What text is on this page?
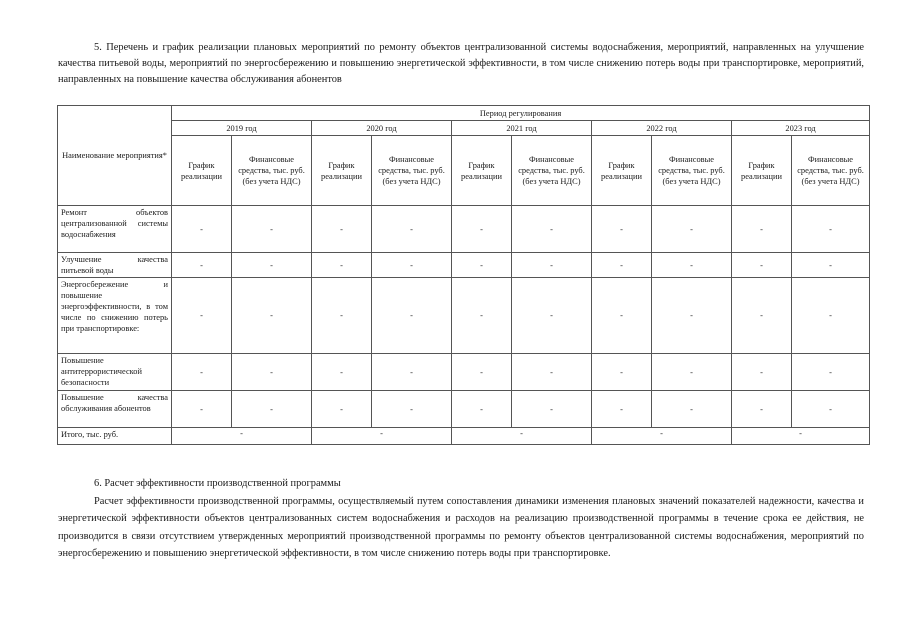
5. Перечень и график реализации плановых мероприятий по ремонту объектов централизованной системы водоснабжения, мероприятий, направленных на улучшение качества питьевой воды, мероприятий по энергосбережению и повышению энергетической эффективности, в том числе снижению потерь воды при транспортировке, мероприятий, направленных на повышение качества обслуживания абонентов
Наименование мероприятия*	Период регулирования									
	2019 год		2020 год		2021 год		2022 год		2023 год	
	График реализации	Финансовые средства, тыс. руб. (без учета НДС)	График реализации	Финансовые средства, тыс. руб. (без учета НДС)	График реализации	Финансовые средства, тыс. руб. (без учета НДС)	График реализации	Финансовые средства, тыс. руб. (без учета НДС)	График реализации	Финансовые средства, тыс. руб. (без учета НДС)
Ремонт объектов централизованной системы водоснабжения	-	-	-	-	-	-	-	-	-	-
Улучшение качества питьевой воды	-	-	-	-	-	-	-	-	-	-
Энергосбережение и повышение энергоэффективности, в том числе по снижению потерь при транспортировке:	-	-	-	-	-	-	-	-	-	-
Повышение антитеррористической безопасности	-	-	-	-	-	-	-	-	-	-
Повышение качества обслуживания абонентов	-	-	-	-	-	-	-	-	-	-
Итого, тыс. руб.	-		-		-		-		-	
6. Расчет эффективности производственной программы
Расчет эффективности производственной программы, осуществляемый путем сопоставления динамики изменения плановых значений показателей надежности, качества и энергетической эффективности объектов централизованных систем водоснабжения и расходов на реализацию производственной программы в течение срока ее действия, не производится в связи отсутствием утвержденных мероприятий производственной программы по ремонту объектов централизованной системы водоснабжения, мероприятий по энергосбережению и повышению энергетической эффективности, в том числе снижению потерь воды при транспортировке.
